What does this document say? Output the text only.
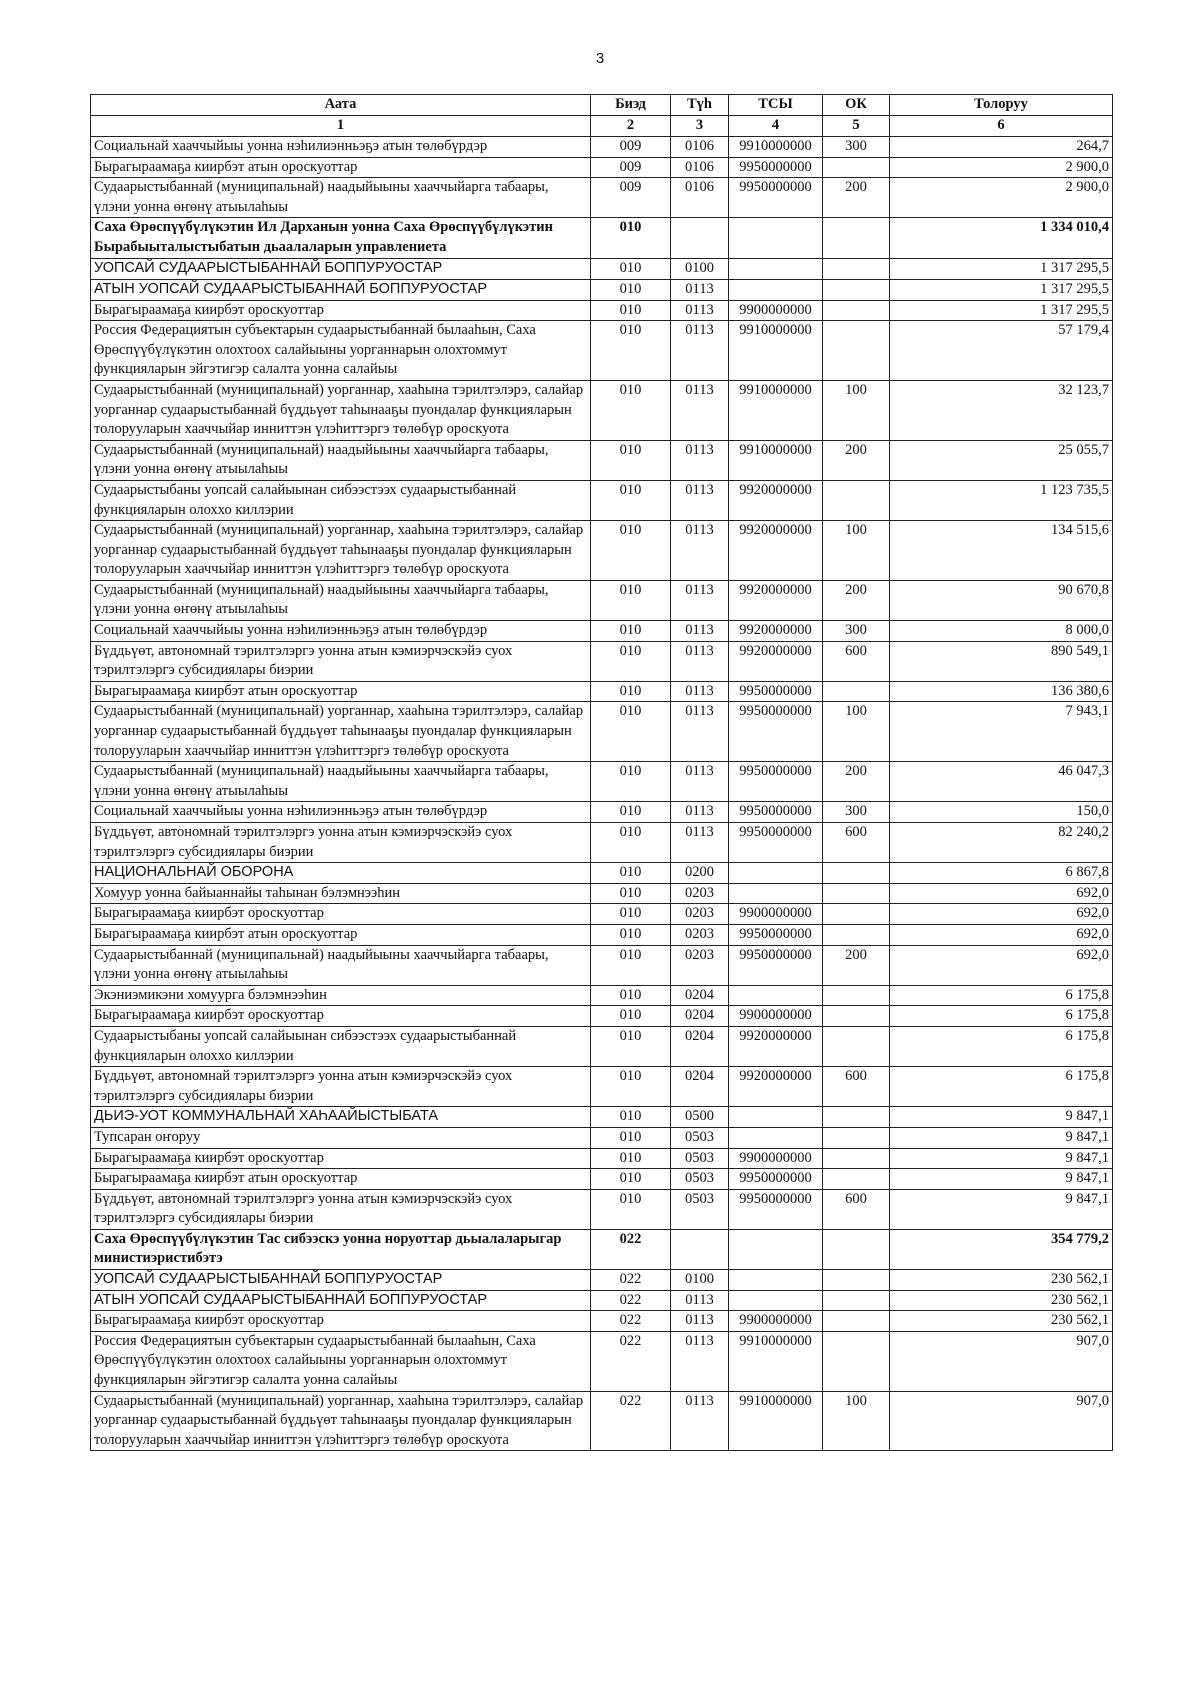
3
Аата	Биэд	Түh	ТСЫ	ОК	Толоруу
1	2	3	4	5	6
Социальнай хааччыйыы уонна нэhилиэнньэҕэ атын төлөбүрдэр	009	0106	9910000000	300	264,7
Бырагыраамаҕа киирбэт атын ороскуоттар	009	0106	9950000000		2 900,0
Судаарыстыбаннай (муниципальнай) наадыйыыны хааччыйарга табаары, үлэни уонна өҥөнү атыылаhыы	009	0106	9950000000	200	2 900,0
Саха Өрөспүүбүлүкэтин Ил Дарханын уонна Саха Өрөспүүбүлүкэтин Бырабыыталыстыбатын дьаалаларын управлениета	010				1 334 010,4
УОПСАЙ СУДААРЫСТЫБАННАЙ БОППУРУОСТАР	010	0100			1 317 295,5
АТЫН УОПСАЙ СУДААРЫСТЫБАННАЙ БОППУРУОСТАР	010	0113			1 317 295,5
Бырагыраамаҕа киирбэт ороскуоттар	010	0113	9900000000		1 317 295,5
Россия Федерациятын субъектарын судаарыстыбаннай былааhын, Саха Өрөспүүбүлүкэтин олохтоох салайыыны уорганнарын олохтоммут функцияларын эйгэтигэр салалта уонна салайыы	010	0113	9910000000		57 179,4
Судаарыстыбаннай (муниципальнай) уорганнар, хааhына тэрилтэлэрэ, салайар уорганнар судаарыстыбаннай бүддьүөт таhынааҕы пуондалар функцияларын толорууларын хааччыйар инниттэн үлэhиттэргэ төлөбүр ороскуота	010	0113	9910000000	100	32 123,7
Судаарыстыбаннай (муниципальнай) наадыйыыны хааччыйарга табаары, үлэни уонна өҥөнү атыылаhыы	010	0113	9910000000	200	25 055,7
Судаарыстыбаны уопсай салайыынан сибээстээх судаарыстыбаннай функцияларын олоххо киллэрии	010	0113	9920000000		1 123 735,5
Судаарыстыбаннай (муниципальнай) уорганнар, хааhына тэрилтэлэрэ, салайар уорганнар судаарыстыбаннай бүддьүөт таhынааҕы пуондалар функцияларын толорууларын хааччыйар инниттэн үлэhиттэргэ төлөбүр ороскуота	010	0113	9920000000	100	134 515,6
Судаарыстыбаннай (муниципальнай) наадыйыыны хааччыйарга табаары, үлэни уонна өҥөнү атыылаhыы	010	0113	9920000000	200	90 670,8
Социальнай хааччыйыы уонна нэhилиэнньэҕэ атын төлөбүрдэр	010	0113	9920000000	300	8 000,0
Бүддьүөт, автономнай тэрилтэлэргэ уонна атын кэмиэрчэскэйэ суох тэрилтэлэргэ субсидиялары биэрии	010	0113	9920000000	600	890 549,1
Бырагыраамаҕа киирбэт атын ороскуоттар	010	0113	9950000000		136 380,6
Судаарыстыбаннай (муниципальнай) уорганнар, хааhына тэрилтэлэрэ, салайар уорганнар судаарыстыбаннай бүддьүөт таhынааҕы пуондалар функцияларын толорууларын хааччыйар инниттэн үлэhиттэргэ төлөбүр ороскуота	010	0113	9950000000	100	7 943,1
Судаарыстыбаннай (муниципальнай) наадыйыыны хааччыйарга табаары, үлэни уонна өҥөнү атыылаhыы	010	0113	9950000000	200	46 047,3
Социальнай хааччыйыы уонна нэhилиэнньэҕэ атын төлөбүрдэр	010	0113	9950000000	300	150,0
Бүддьүөт, автономнай тэрилтэлэргэ уонна атын кэмиэрчэскэйэ суох тэрилтэлэргэ субсидиялары биэрии	010	0113	9950000000	600	82 240,2
НАЦИОНАЛЬНАЙ ОБОРОНА	010	0200			6 867,8
Хомуур уонна байыаннайы таhынан бэлэмнээhин	010	0203			692,0
Бырагыраамаҕа киирбэт ороскуоттар	010	0203	9900000000		692,0
Бырагыраамаҕа киирбэт атын ороскуоттар	010	0203	9950000000		692,0
Судаарыстыбаннай (муниципальнай) наадыйыыны хааччыйарга табаары, үлэни уонна өҥөнү атыылаhыы	010	0203	9950000000	200	692,0
Экэниэмикэни хомуурга бэлэмнээhин	010	0204			6 175,8
Бырагыраамаҕа киирбэт ороскуоттар	010	0204	9900000000		6 175,8
Судаарыстыбаны уопсай салайыынан сибээстээх судаарыстыбаннай функцияларын олоххо киллэрии	010	0204	9920000000		6 175,8
Бүддьүөт, автономнай тэрилтэлэргэ уонна атын кэмиэрчэскэйэ суох тэрилтэлэргэ субсидиялары биэрии	010	0204	9920000000	600	6 175,8
ДЬИЭ-УОТ КОММУНАЛЬНАЙ ХАҺААЙЫСТЫБАТА	010	0500			9 847,1
Тупсаран оҥоруу	010	0503			9 847,1
Бырагыраамаҕа киирбэт ороскуоттар	010	0503	9900000000		9 847,1
Бырагыраамаҕа киирбэт атын ороскуоттар	010	0503	9950000000		9 847,1
Бүддьүөт, автономнай тэрилтэлэргэ уонна атын кэмиэрчэскэйэ суох тэрилтэлэргэ субсидиялары биэрии	010	0503	9950000000	600	9 847,1
Саха Өрөспүүбүлүкэтин Тас сибээскэ уонна норуоттар дьыалаларыгар министиэристибэтэ	022				354 779,2
УОПСАЙ СУДААРЫСТЫБАННАЙ БОППУРУОСТАР	022	0100			230 562,1
АТЫН УОПСАЙ СУДААРЫСТЫБАННАЙ БОППУРУОСТАР	022	0113			230 562,1
Бырагыраамаҕа киирбэт ороскуоттар	022	0113	9900000000		230 562,1
Россия Федерациятын субъектарын судаарыстыбаннай былааhын, Саха Өрөспүүбүлүкэтин олохтоох салайыыны уорганнарын олохтоммут функцияларын эйгэтигэр салалта уонна салайыы	022	0113	9910000000		907,0
Судаарыстыбаннай (муниципальнай) уорганнар, хааhына тэрилтэлэрэ, салайар уорганнар судаарыстыбаннай бүддьүөт таhынааҕы пуондалар функцияларын толорууларын хааччыйар инниттэн үлэhиттэргэ төлөбүр ороскуота	022	0113	9910000000	100	907,0
